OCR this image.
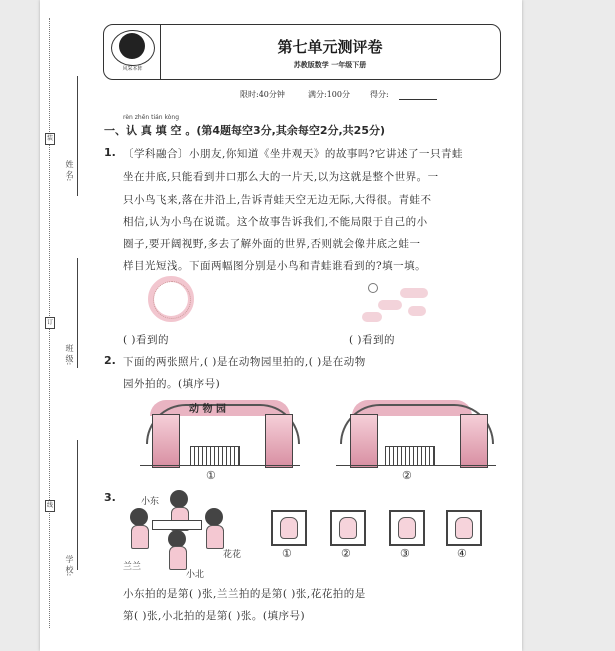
姓 名:
班 级:
学 校:
装
订
线
风采本阵
第七单元测评卷
苏教版数学 一年级下册
限时:40分钟	满分:100分	得分:
rèn zhēn tián kòng
一、认 真 填 空 。(第4题每空3分,其余每空2分,共25分)
1. 〔学科融合〕小朋友,你知道《坐井观天》的故事吗?它讲述了一只青蛙
坐在井底,只能看到井口那么大的一片天,以为这就是整个世界。一
只小鸟飞来,落在井沿上,告诉青蛙天空无边无际,大得很。青蛙不
相信,认为小鸟在说谎。这个故事告诉我们,不能局限于自己的小
圈子,要开阔视野,多去了解外面的世界,否则就会像井底之蛙一
样目光短浅。下面两幅图分别是小鸟和青蛙谁看到的?填一填。
( )看到的	( )看到的
2. 下面的两张照片,( )是在动物园里拍的,( )是在动物
园外拍的。(填序号)
动 物 园
①	②
3.	小东
兰兰
小北
花花	①	②	③	④
小东拍的是第( )张,兰兰拍的是第( )张,花花拍的是
第( )张,小北拍的是第( )张。(填序号)
